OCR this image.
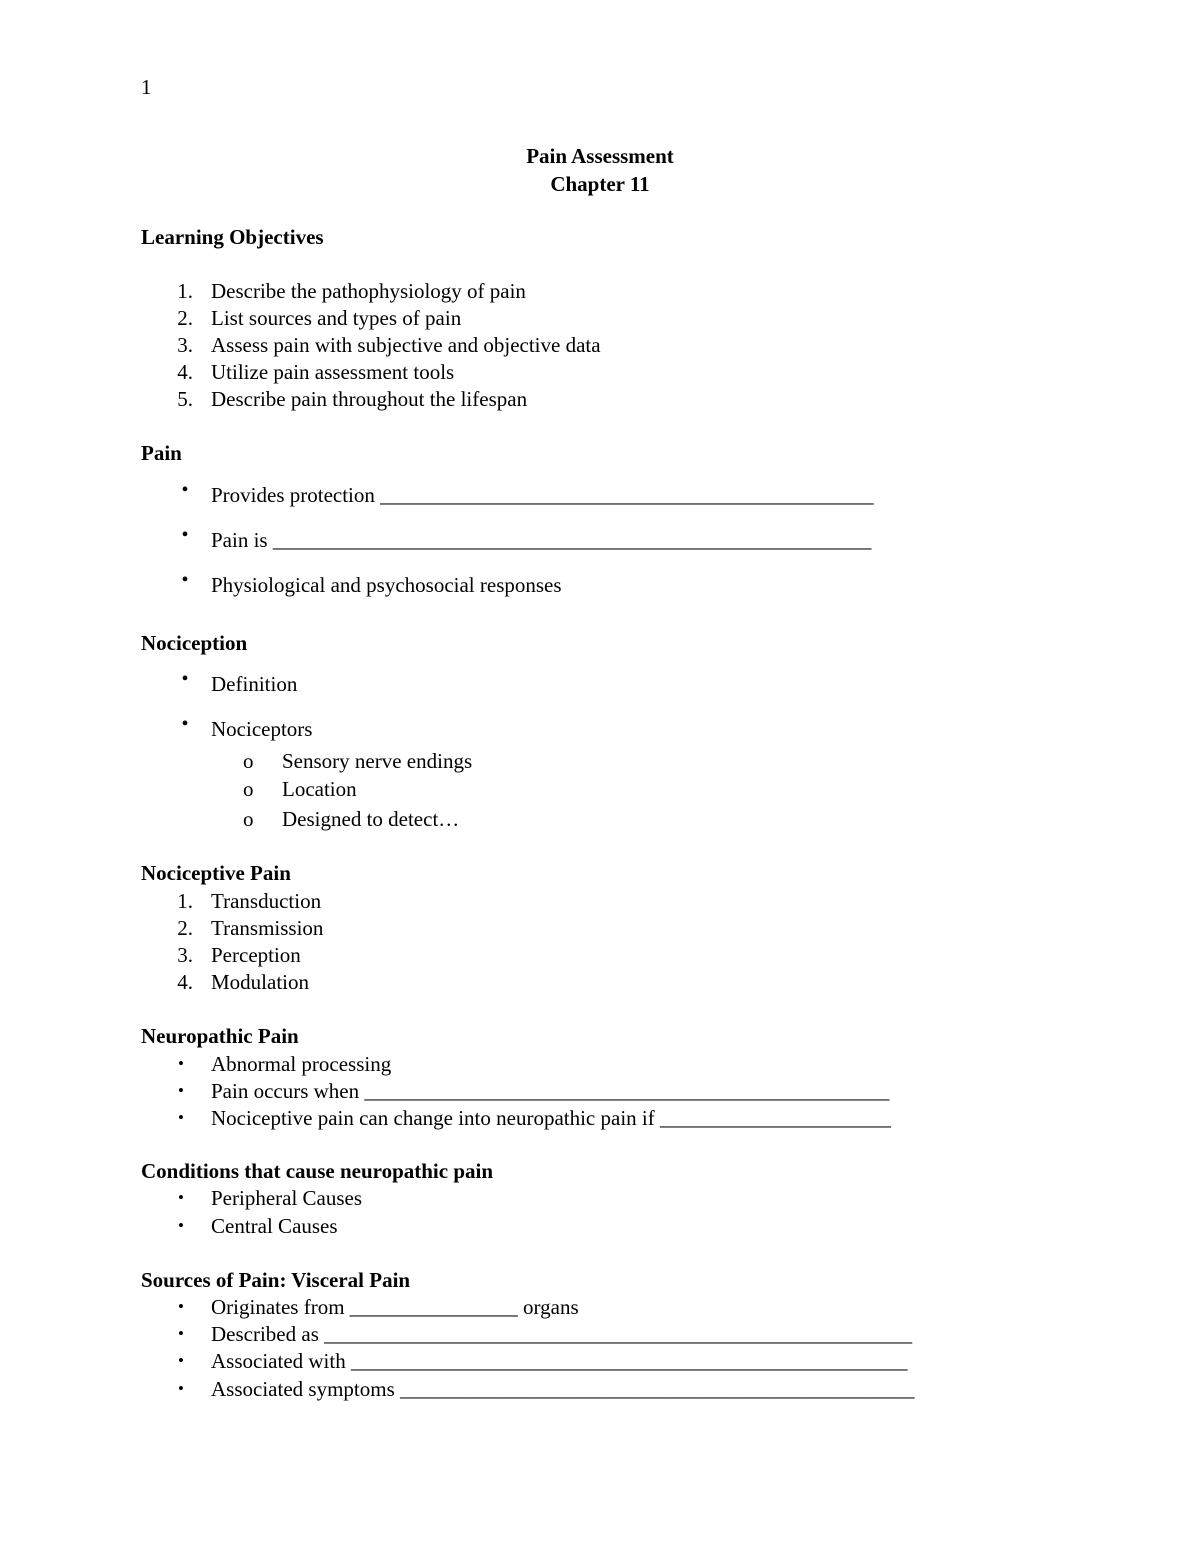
1
Pain Assessment
Chapter 11
Learning Objectives
1. Describe the pathophysiology of pain
2. List sources and types of pain
3. Assess pain with subjective and objective data
4. Utilize pain assessment tools
5. Describe pain throughout the lifespan
Pain
•	Provides protection _______________________________________________
•	Pain is _________________________________________________________
•	Physiological and psychosocial responses
Nociception
•	Definition
•	Nociceptors
o	Sensory nerve endings
o	Location
o	Designed to detect…
Nociceptive Pain
1. Transduction
2. Transmission
3. Perception
4. Modulation
Neuropathic Pain
•	Abnormal processing
•	Pain occurs when __________________________________________________
•	Nociceptive pain can change into neuropathic pain if ______________________
Conditions that cause neuropathic pain
•	Peripheral Causes
•	Central Causes
Sources of Pain: Visceral Pain
•	Originates from ________________ organs
•	Described as ________________________________________________________
•	Associated with _____________________________________________________
•	Associated symptoms _________________________________________________
